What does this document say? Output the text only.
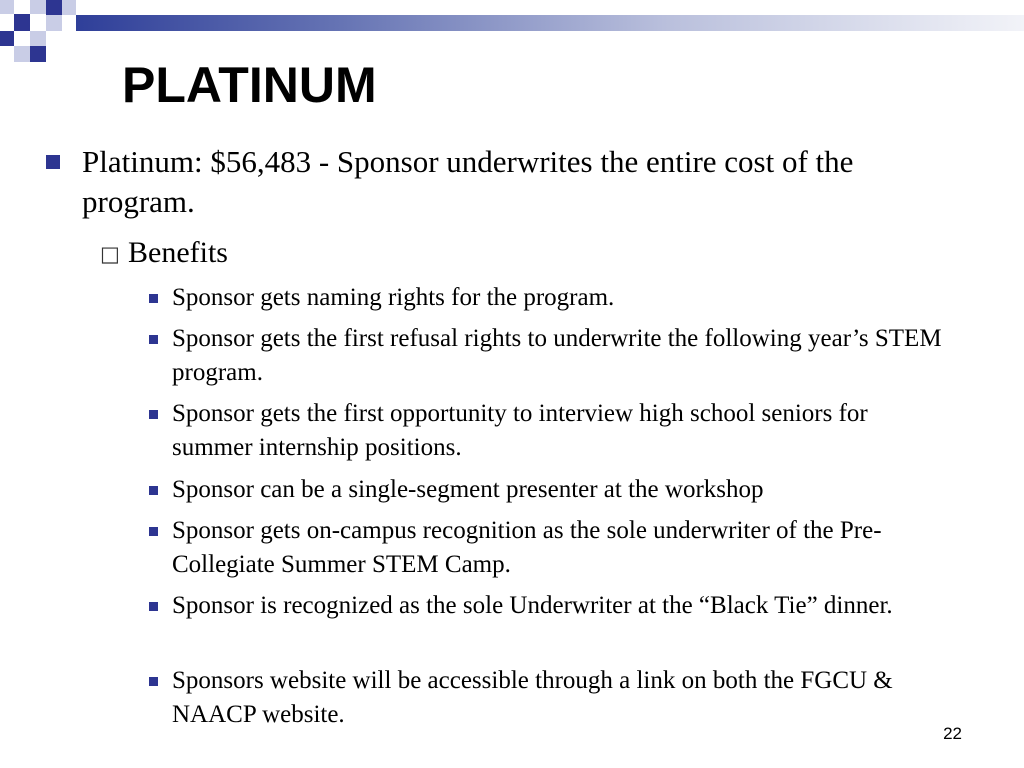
PLATINUM
Platinum: $56,483 - Sponsor underwrites the entire cost of the program.
□ Benefits
Sponsor gets naming rights for the program.
Sponsor gets the first refusal rights to underwrite the following year’s STEM program.
Sponsor gets the first opportunity to interview high school seniors for summer internship positions.
Sponsor can be a single-segment presenter at the workshop
Sponsor gets on-campus recognition as the sole underwriter of the Pre-Collegiate Summer STEM Camp.
Sponsor is recognized as the sole Underwriter at the “Black Tie” dinner.
Sponsors website will be accessible through a link on both the FGCU & NAACP website.
22
